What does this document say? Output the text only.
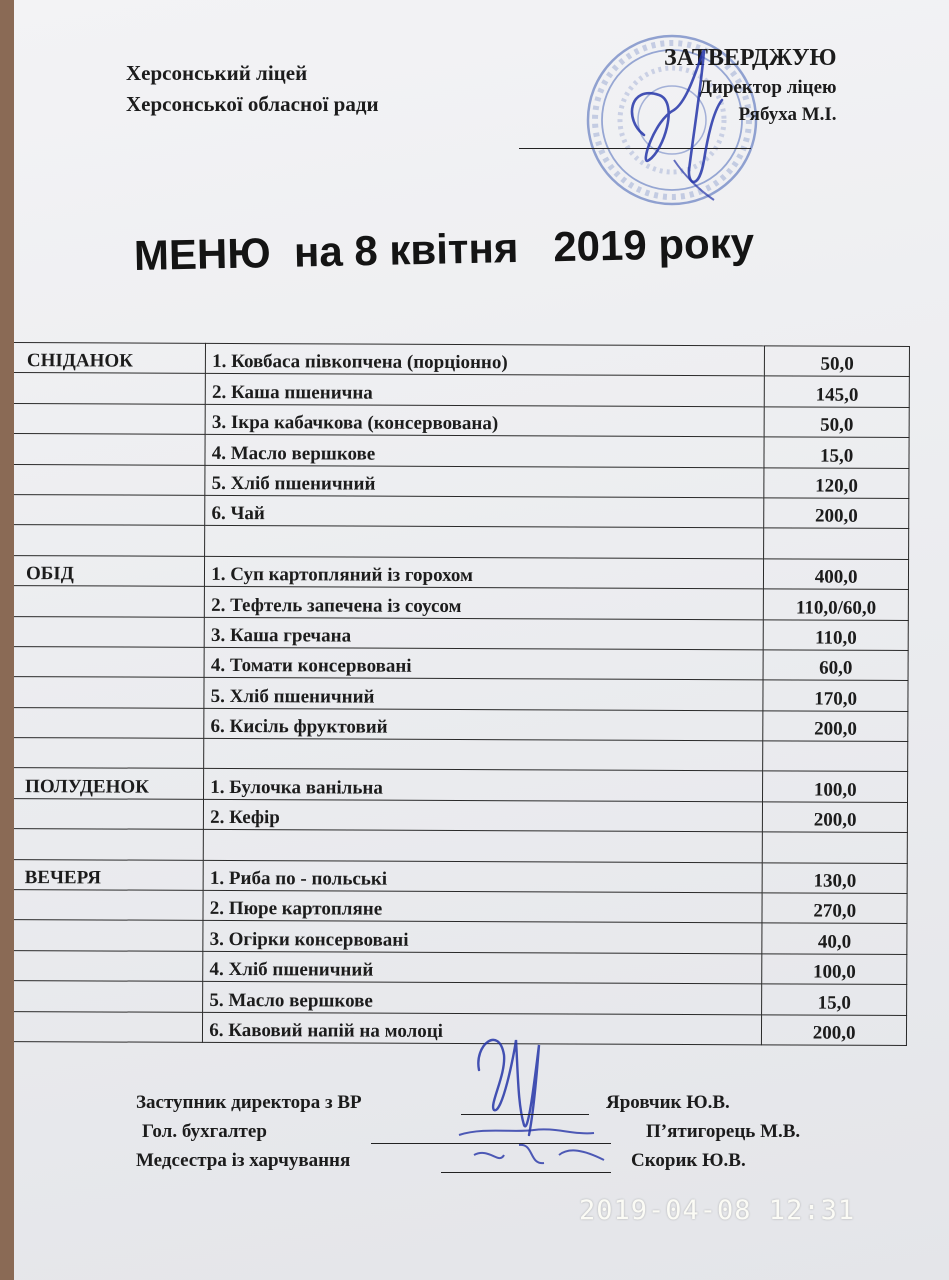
Херсонський ліцей
Херсонської обласної ради
ЗАТВЕРДЖУЮ
Директор ліцею
Рябуха М.І.
МЕНЮ  на 8 квітня   2019 року
СНІДАНОК	1. Ковбаса півкопчена (порціонно)	50,0
	2. Каша пшенична	145,0
	3. Ікра кабачкова (консервована)	50,0
	4. Масло вершкове	15,0
	5. Хліб пшеничний	120,0
	6. Чай	200,0

ОБІД	1. Суп картопляний із горохом	400,0
	2. Тефтель запечена із соусом	110,0/60,0
	3. Каша гречана	110,0
	4. Томати консервовані	60,0
	5. Хліб пшеничний	170,0
	6. Кисіль фруктовий	200,0

ПОЛУДЕНОК	1. Булочка ванільна	100,0
	2. Кефір	200,0

ВЕЧЕРЯ	1. Риба по - польські	130,0
	2. Пюре картопляне	270,0
	3. Огірки консервовані	40,0
	4. Хліб пшеничний	100,0
	5. Масло вершкове	15,0
	6. Кавовий напій на молоці	200,0
Заступник директора з ВР	Яровчик Ю.В.
Гол. бухгалтер	П’ятигорець М.В.
Медсестра із харчування	Скорик Ю.В.
2019-04-08 12:31
